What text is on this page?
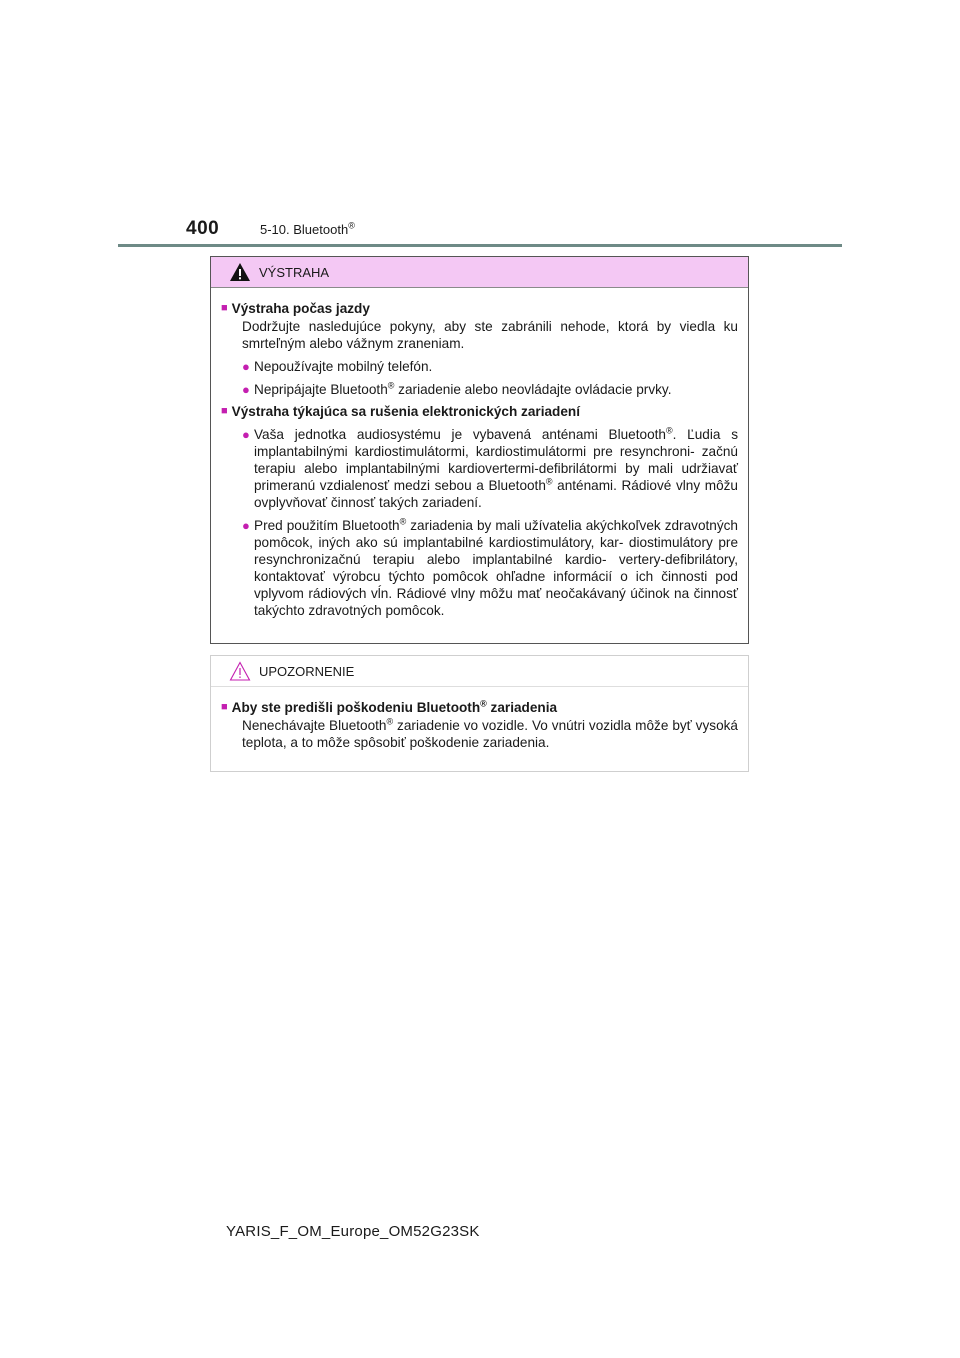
400	5-10. Bluetooth®
VÝSTRAHA
■ Výstraha počas jazdy
Dodržujte nasledujúce pokyny, aby ste zabránili nehode, ktorá by viedla ku smrteľným alebo vážnym zraneniam.
● Nepoužívajte mobilný telefón.
● Nepripájajte Bluetooth® zariadenie alebo neovládajte ovládacie prvky.
■ Výstraha týkajúca sa rušenia elektronických zariadení
● Vaša jednotka audiosystému je vybavená anténami Bluetooth®. Ľudia s implantabilnými kardiostimulátormi, kardiostimulátormi pre resynchroni- začnú terapiu alebo implantabilnými kardiovertermi-defibrilátormi by mali udržiavať primeranú vzdialenosť medzi sebou a Bluetooth® anténami. Rádiové vlny môžu ovplyvňovať činnosť takých zariadení.
● Pred použitím Bluetooth® zariadenia by mali užívatelia akýchkoľvek zdravotných pomôcok, iných ako sú implantabilné kardiostimulátory, kar- diostimulátory pre resynchronizačnú terapiu alebo implantabilné kardio- vertery-defibrilátory, kontaktovať výrobcu týchto pomôcok ohľadne informácií o ich činnosti pod vplyvom rádiových vĺn. Rádiové vlny môžu mať neočakávaný účinok na činnosť takýchto zdravotných pomôcok.
UPOZORNENIE
■ Aby ste predišli poškodeniu Bluetooth® zariadenia
Nenechávajte Bluetooth® zariadenie vo vozidle. Vo vnútri vozidla môže byť vysoká teplota, a to môže spôsobiť poškodenie zariadenia.
YARIS_F_OM_Europe_OM52G23SK
